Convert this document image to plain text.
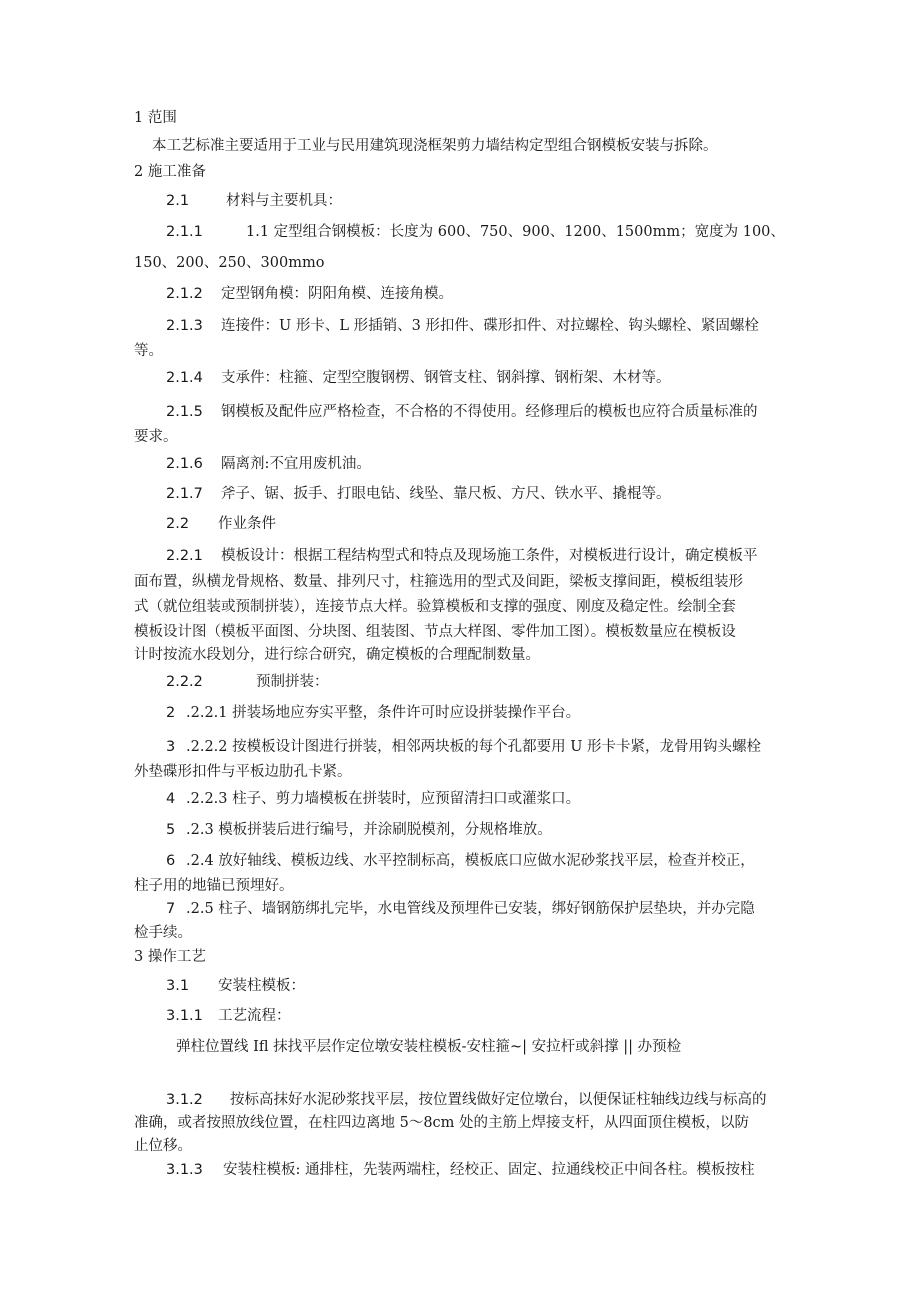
1 范围
本工艺标准主要适用于工业与民用建筑现浇框架剪力墙结构定型组合钢模板安装与拆除。
2 施工准备
2.1	材料与主要机具：
2.1.1	1.1 定型组合钢模板：长度为 600、750、900、1200、1500mm；宽度为 100、
150、200、250、300mmo
2.1.2 定型钢角模：阴阳角模、连接角模。
2.1.3 连接件：U 形卡、L 形插销、3 形扣件、碟形扣件、对拉螺栓、钩头螺栓、紧固螺栓
等。
2.1.4 支承件：柱箍、定型空腹钢楞、钢管支柱、钢斜撑、钢桁架、木材等。
2.1.5 钢模板及配件应严格检查，不合格的不得使用。经修理后的模板也应符合质量标准的
要求。
2.1.6 隔离剂:不宜用废机油。
2.1.7 斧子、锯、扳手、打眼电钻、线坠、靠尺板、方尺、铁水平、撬棍等。
2.2 作业条件
2.2.1 模板设计：根据工程结构型式和特点及现场施工条件，对模板进行设计，确定模板平
面布置，纵横龙骨规格、数量、排列尺寸，柱箍选用的型式及间距，梁板支撑间距，模板组装形
式（就位组装或预制拼装），连接节点大样。验算模板和支撑的强度、刚度及稳定性。绘制全套
模板设计图（模板平面图、分块图、组装图、节点大样图、零件加工图）。模板数量应在模板设
计时按流水段划分，进行综合研究，确定模板的合理配制数量。
2.2.2	预制拼装：
2 .2.2.1 拼装场地应夯实平整，条件许可时应设拼装操作平台。
3 .2.2.2 按模板设计图进行拼装，相邻两块板的每个孔都要用 U 形卡卡紧，龙骨用钩头螺栓
外垫碟形扣件与平板边肋孔卡紧。
4 .2.2.3 柱子、剪力墙模板在拼装时，应预留清扫口或灌浆口。
5 .2.3 模板拼装后进行编号，并涂刷脱模剂，分规格堆放。
6 .2.4 放好轴线、模板边线、水平控制标高，模板底口应做水泥砂浆找平层，检查并校正，
柱子用的地锚已预埋好。
7 .2.5 柱子、墙钢筋绑扎完毕，水电管线及预埋件已安装，绑好钢筋保护层垫块，并办完隐
检手续。
3 操作工艺
3.1 安装柱模板：
3.1.1 工艺流程：
弹柱位置线 Ifl 抹找平层作定位墩安装柱模板-安柱箍~| 安拉杆或斜撑 || 办预检
3.1.2 按标高抹好水泥砂浆找平层，按位置线做好定位墩台，以便保证柱轴线边线与标高的
准确，或者按照放线位置，在柱四边离地 5～8cm 处的主筋上焊接支杆，从四面顶住模板，以防
止位移。
3.1.3 安装柱模板: 通排柱，先装两端柱，经校正、固定、拉通线校正中间各柱。模板按柱
